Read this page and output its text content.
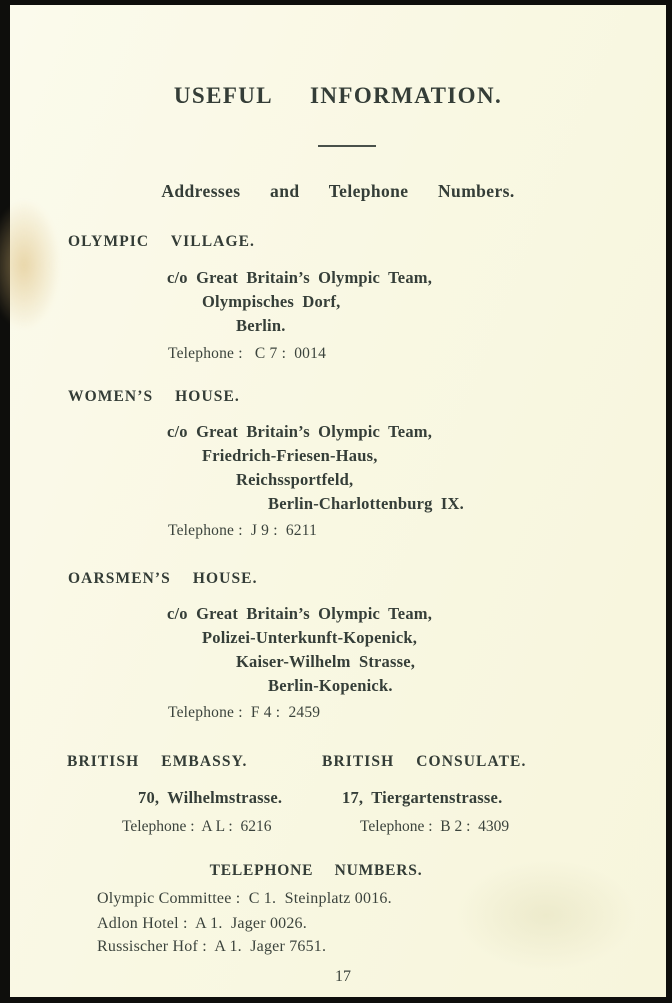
USEFUL  INFORMATION.
Addresses  and  Telephone  Numbers.
OLYMPIC  VILLAGE.
c/o Great Britain’s Olympic Team,
Olympisches Dorf,
Berlin.
Telephone :   C 7 :  0014
WOMEN’S  HOUSE.
c/o Great Britain’s Olympic Team,
Friedrich-Friesen-Haus,
Reichssportfeld,
Berlin-Charlottenburg IX.
Telephone :  J 9 :  6211
OARSMEN’S  HOUSE.
c/o Great Britain’s Olympic Team,
Polizei-Unterkunft-Kopenick,
Kaiser-Wilhelm Strasse,
Berlin-Kopenick.
Telephone :  F 4 :  2459
BRITISH  EMBASSY.
70, Wilhelmstrasse.
Telephone :  A L :  6216
BRITISH  CONSULATE.
17, Tiergartenstrasse.
Telephone :  B 2 :  4309
TELEPHONE  NUMBERS.
Olympic Committee :  C 1.  Steinplatz 0016.
Adlon Hotel :  A 1.  Jager 0026.
Russischer Hof :  A 1.  Jager 7651.
17
